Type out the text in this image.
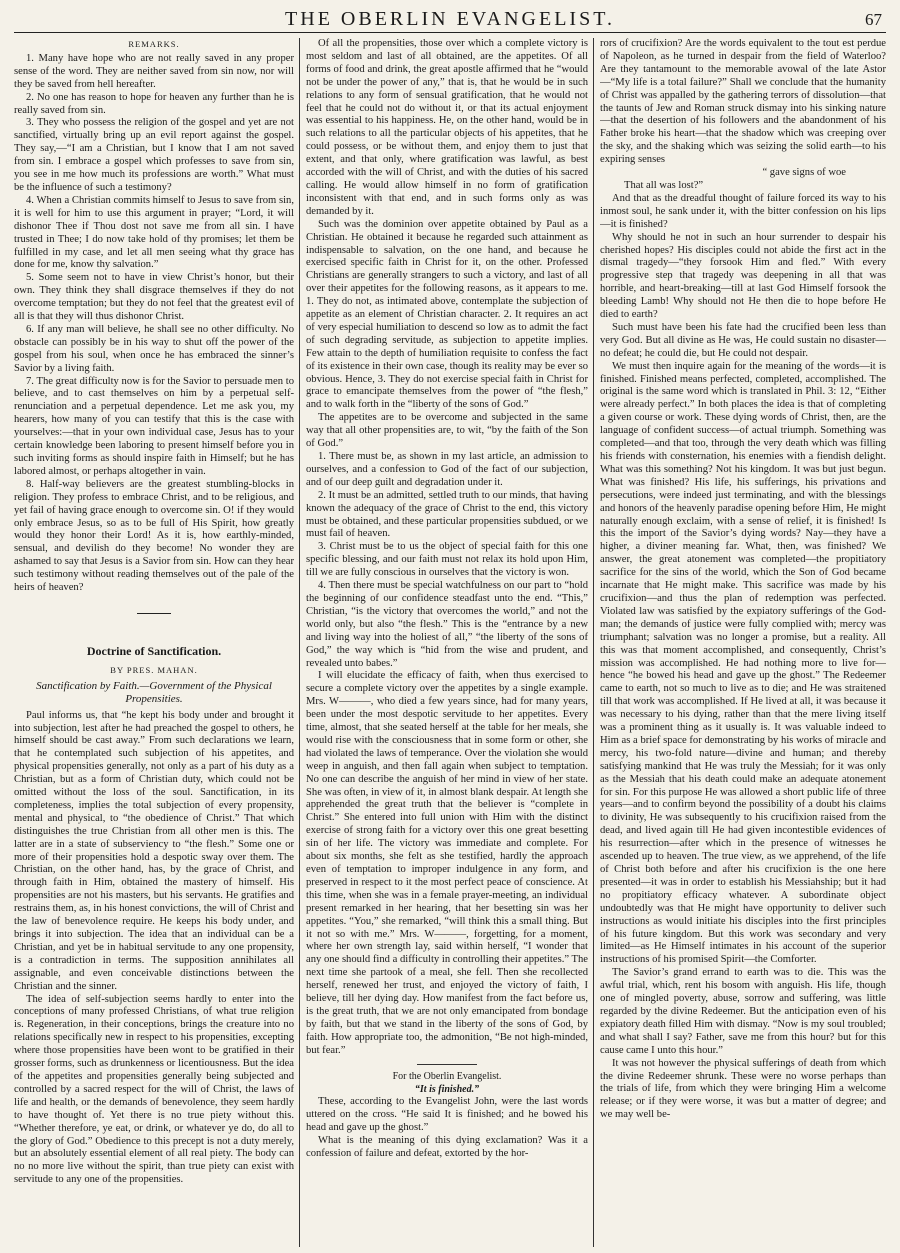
THE OBERLIN EVANGELIST.	67

REMARKS.

1. Many have hope who are not really saved in any proper sense of the word. They are neither saved from sin now, nor will they be saved from hell hereafter.

2. No one has reason to hope for heaven any further than he is really saved from sin.

3. They who possess the religion of the gospel and yet are not sanctified, virtually bring up an evil report against the gospel. They say,—“I am a Christian, but I know that I am not saved from sin. I embrace a gospel which professes to save from sin, you see in me how much its professions are worth.” What must be the influence of such a testimony?

4. When a Christian commits himself to Jesus to save from sin, it is well for him to use this argument in prayer; “Lord, it will dishonor Thee if Thou dost not save me from all sin. I have trusted in Thee; I do now take hold of thy promises; let them be fulfilled in my case, and let all men seeing what thy grace has done for me, know thy salvation.”

5. Some seem not to have in view Christ’s honor, but their own. They think they shall disgrace themselves if they do not overcome temptation; but they do not feel that the greatest evil of all is that they will thus dishonor Christ.

6. If any man will believe, he shall see no other difficulty. No obstacle can possibly be in his way to shut off the power of the gospel from his soul, when once he has embraced the sinner’s Savior by a living faith.

7. The great difficulty now is for the Savior to persuade men to believe, and to cast themselves on him by a perpetual self-renunciation and a perpetual dependence. Let me ask you, my hearers, how many of you can testify that this is the case with yourselves:—that in your own individual case, Jesus has to your certain knowledge been laboring to present himself before you in such inviting forms as should inspire faith in Himself; but he has labored almost, or perhaps altogether in vain.

8. Half-way believers are the greatest stumbling-blocks in religion. They profess to embrace Christ, and to be religious, and yet fail of having grace enough to overcome sin. O! if they would only embrace Jesus, so as to be full of His Spirit, how greatly would they honor their Lord! As it is, how earthly-minded, sensual, and devilish do they become! No wonder they are ashamed to say that Jesus is a Savior from sin. How can they hear such testimony without reading themselves out of the pale of the heirs of heaven?

Doctrine of Sanctification.

BY PRES. MAHAN.

Sanctification by Faith.—Government of the Physical Propensities.

Paul informs us, that “he kept his body under and brought it into subjection, lest after he had preached the gospel to others, he himself should be cast away.” From such declarations we learn, that he contemplated such subjection of his appetites, and physical propensities generally, not only as a part of his duty as a Christian, but as a form of Christian duty, which could not be omitted without the loss of the soul. Sanctification, in its completeness, implies the total subjection of every propensity, mental and physical, to “the obedience of Christ.” That which distinguishes the true Christian from all other men is this. The latter are in a state of subserviency to “the flesh.” Some one or more of their propensities hold a despotic sway over them. The Christian, on the other hand, has, by the grace of Christ, and through faith in Him, obtained the mastery of himself. His propensities are not his masters, but his servants. He gratifies and restrains them, as, in his honest convictions, the will of Christ and the law of benevolence require. He keeps his body under, and brings it into subjection. The idea that an individual can be a Christian, and yet be in habitual servitude to any one propensity, is a contradiction in terms. The supposition annihilates all assignable, and even conceivable distinctions between the Christian and the sinner.

The idea of self-subjection seems hardly to enter into the conceptions of many professed Christians, of what true religion is. Regeneration, in their conceptions, brings the creature into no relations specifically new in respect to his propensities, excepting where those propensities have been wont to be gratified in their grosser forms, such as drunkenness or licentiousness. But the idea of the appetites and propensities generally being subjected and controlled by a sacred respect for the will of Christ, the laws of life and health, or the demands of benevolence, they seem hardly to have thought of. Yet there is no true piety without this. “Whether therefore, ye eat, or drink, or whatever ye do, do all to the glory of God.” Obedience to this precept is not a duty merely, but an absolutely essential element of all real piety. The body can no no more live without the spirit, than true piety can exist with servitude to any one of the propensities.

Of all the propensities, those over which a complete victory is most seldom and last of all obtained, are the appetites. Of all forms of food and drink, the great apostle affirmed that he “would not be under the power of any,” that is, that he would be in such relations to any form of sensual gratification, that he would not feel that he could not do without it, or that its actual enjoyment was essential to his happiness. He, on the other hand, would be in such relations to all the particular objects of his appetites, that he could possess, or be without them, and enjoy them to just that extent, and that only, where gratification was lawful, as best accorded with the will of Christ, and with the duties of his sacred calling. He would allow himself in no form of gratification inconsistent with that end, and in such forms only as was demanded by it.

Such was the dominion over appetite obtained by Paul as a Christian. He obtained it because he regarded such attainment as indispensable to salvation, on the one hand, and because he exercised specific faith in Christ for it, on the other. Professed Christians are generally strangers to such a victory, and last of all over their appetites for the following reasons, as it appears to me. 1. They do not, as intimated above, contemplate the subjection of appetite as an element of Christian character. 2. It requires an act of very especial humiliation to descend so low as to admit the fact of such degrading servitude, as subjection to appetite implies. Few attain to the depth of humiliation requisite to confess the fact of its existence in their own case, though its reality may be ever so obvious. Hence, 3. They do not exercise special faith in Christ for grace to emancipate themselves from the power of “the flesh,” and to walk forth in the “liberty of the sons of God.”

The appetites are to be overcome and subjected in the same way that all other propensities are, to wit, “by the faith of the Son of God.”

1. There must be, as shown in my last article, an admission to ourselves, and a confession to God of the fact of our subjection, and of our deep guilt and degradation under it.

2. It must be an admitted, settled truth to our minds, that having known the adequacy of the grace of Christ to the end, this victory must be obtained, and these particular propensities subdued, or we must fail of heaven.

3. Christ must be to us the object of special faith for this one specific blessing, and our faith must not relax its hold upon Him, till we are fully conscious in ourselves that the victory is won.

4. Then there must be special watchfulness on our part to “hold the beginning of our confidence steadfast unto the end. “This,” Christian, “is the victory that overcomes the world,” and not the world only, but also “the flesh.” This is the “entrance by a new and living way into the holiest of all,” “the liberty of the sons of God,” the way which is “hid from the wise and prudent, and revealed unto babes.”

I will elucidate the efficacy of faith, when thus exercised to secure a complete victory over the appetites by a single example. Mrs. W———, who died a few years since, had for many years, been under the most despotic servitude to her appetites. Every time, almost, that she seated herself at the table for her meals, she would rise with the consciousness that in some form or other, she had violated the laws of temperance. Over the violation she would weep in anguish, and then fall again when subject to temptation. No one can describe the anguish of her mind in view of her state. She was often, in view of it, in almost blank despair. At length she apprehended the great truth that the believer is “complete in Christ.” She entered into full union with Him with the distinct exercise of strong faith for a victory over this one great besetting sin of her life. The victory was immediate and complete. For about six months, she felt as she testified, hardly the approach even of temptation to improper indulgence in any form, and preserved in respect to it the most perfect peace of conscience. At this time, when she was in a female prayer-meeting, an individual present remarked in her hearing, that her besetting sin was her appetites. “You,” she remarked, “will think this a small thing. But it not so with me.” Mrs. W———, forgetting, for a moment, where her own strength lay, said within herself, “I wonder that any one should find a difficulty in controlling their appetites.” The next time she partook of a meal, she fell. Then she recollected herself, renewed her trust, and enjoyed the victory of faith, I believe, till her dying day. How manifest from the fact before us, is the great truth, that we are not only emancipated from bondage by faith, but that we stand in the liberty of the sons of God, by faith. How appropriate too, the admonition, “Be not high-minded, but fear.”

For the Oberlin Evangelist.

“It is finished.”

These, according to the Evangelist John, were the last words uttered on the cross. “He said It is finished; and he bowed his head and gave up the ghost.”

What is the meaning of this dying exclamation? Was it a confession of failure and defeat, extorted by the hor-

rors of crucifixion? Are the words equivalent to the tout est perdue of Napoleon, as he turned in despair from the field of Waterloo? Are they tantamount to the memorable avowal of the late Astor—“My life is a total failure?” Shall we conclude that the humanity of Christ was appalled by the gathering terrors of dissolution—that the taunts of Jew and Roman struck dismay into his sinking nature—that the desertion of his followers and the abandonment of his Father broke his heart—that the shadow which was creeping over the sky, and the shaking which was seizing the solid earth—to his expiring senses

“ gave signs of woe

That all was lost?”

And that as the dreadful thought of failure forced its way to his inmost soul, he sank under it, with the bitter confession on his lips—it is finished?

Why should he not in such an hour surrender to despair his cherished hopes? His disciples could not abide the first act in the dismal tragedy—“they forsook Him and fled.” With every progressive step that tragedy was deepening in all that was horrible, and heart-breaking—till at last God Himself forsook the bleeding Lamb! Why should not He then die to hope before He died to earth?

Such must have been his fate had the crucified been less than very God. But all divine as He was, He could sustain no disaster—no defeat; he could die, but He could not despair.

We must then inquire again for the meaning of the words—it is finished. Finished means perfected, completed, accomplished. The original is the same word which is translated in Phil. 3: 12, “Either were already perfect.” In both places the idea is that of completing a given course or work. These dying words of Christ, then, are the language of confident success—of actual triumph. Something was completed—and that too, through the very death which was filling his friends with consternation, his enemies with a fiendish delight. What was this something? Not his kingdom. It was but just begun. What was finished? His life, his sufferings, his privations and persecutions, were indeed just terminating, and with the blessings and honors of the heavenly paradise opening before Him, He might naturally enough exclaim, with a sense of relief, it is finished! Is this the import of the Savior’s dying words? Nay—they have a higher, a diviner meaning far. What, then, was finished? We answer, the great atonement was completed—the propitiatory sacrifice for the sins of the world, which the Son of God became incarnate that He might make. This sacrifice was made by his crucifixion—and thus the plan of redemption was perfected. Violated law was satisfied by the expiatory sufferings of the God-man; the demands of justice were fully complied with; mercy was triumphant; salvation was no longer a promise, but a reality. All this was that moment accomplished, and consequently, Christ’s mission was accomplished. He had nothing more to live for—hence “he bowed his head and gave up the ghost.” The Redeemer came to earth, not so much to live as to die; and He was straitened till that work was accomplished. If He lived at all, it was because it was necessary to his dying, rather than that the mere living itself was a prominent thing as it usually is. It was valuable indeed to Him as a brief space for demonstrating by his works of miracle and mercy, his two-fold nature—divine and human; and thereby satisfying mankind that He was truly the Messiah; for it was only as the Messiah that his death could make an adequate atonement for sin. For this purpose He was allowed a short public life of three years—and to confirm beyond the possibility of a doubt his claims to divinity, He was subsequently to his crucifixion raised from the dead, and lived again till He had given incontestible evidences of his resurrection—after which in the presence of witnesses he ascended up to heaven. The true view, as we apprehend, of the life of Christ both before and after his crucifixion is the one here presented—it was in order to establish his Messiahship; but it had no propitiatory efficacy whatever. A subordinate object undoubtedly was that He might have opportunity to deliver such instructions as would initiate his disciples into the first principles of his future kingdom. But this work was secondary and very limited—as He Himself intimates in his account of the superior instructions of his promised Spirit—the Comforter.

The Savior’s grand errand to earth was to die. This was the awful trial, which, rent his bosom with anguish. His life, though one of mingled poverty, abuse, sorrow and suffering, was little regarded by the divine Redeemer. But the anticipation even of his expiatory death filled Him with dismay. “Now is my soul troubled; and what shall I say? Father, save me from this hour? but for this cause came I unto this hour.”

It was not however the physical sufferings of death from which the divine Redeemer shrunk. These were no worse perhaps than the trials of life, from which they were bringing Him a welcome release; or if they were worse, it was but a matter of degree; and we may well be-
